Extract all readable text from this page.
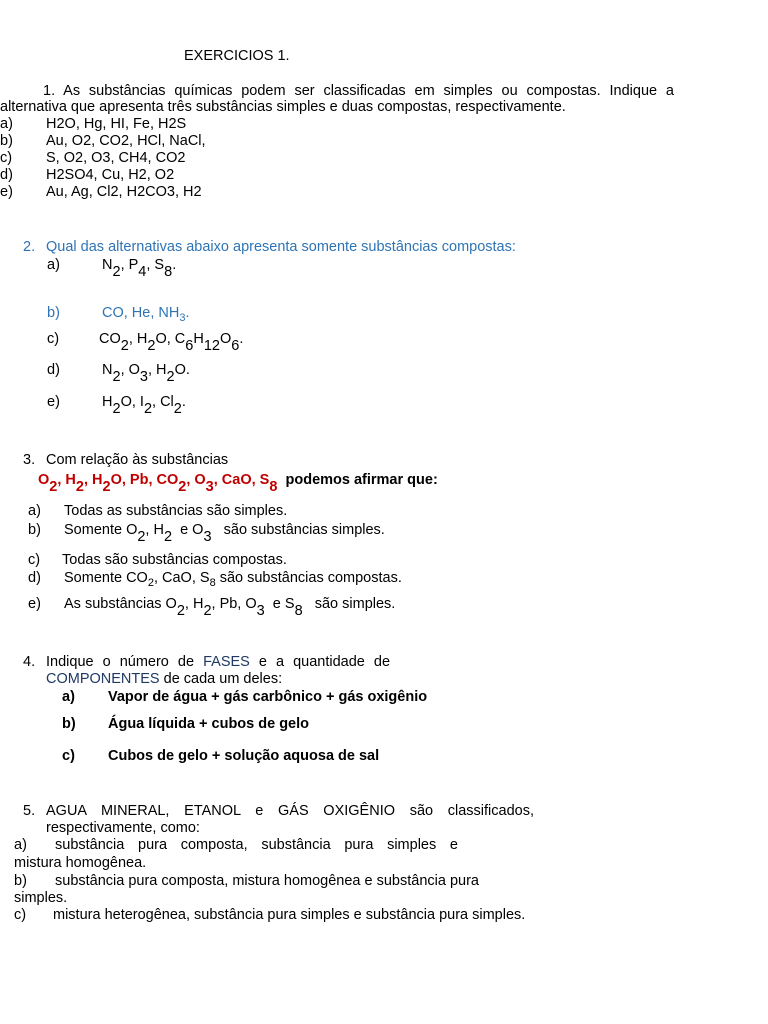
EXERCICIOS 1.
1. As substâncias químicas podem ser classificadas em simples ou compostas. Indique a
alternativa que apresenta três substâncias simples e duas compostas, respectivamente.
a) H2O, Hg, HI, Fe, H2S
b) Au, O2, CO2, HCl, NaCl,
c) S, O2, O3, CH4, CO2
d) H2SO4, Cu, H2, O2
e) Au, Ag, Cl2, H2CO3, H2
2. Qual das alternativas abaixo apresenta somente substâncias compostas:
a)	N2, P4, S8.
b)	CO, He, $NH_3$.
c)	CO2, H2O, C6H12O6.
d)	N2, O3, H2O.
e)	H2O, I2, Cl2.
3. Com relação às substâncias
O2, H2, H2O, Pb, CO2, O3, CaO, S8 podemos afirmar que:
a) Todas as substâncias são simples.
b) Somente O2, H2  e O3 são substâncias simples.
c) Todas são substâncias compostas.
d) Somente $CO_2$, CaO, $S_8$ são substâncias compostas.
e) As substâncias O2, H2, Pb, O3  e S8 são simples.
4. Indique o número de FASES e a quantidade de
COMPONENTES de cada um deles:
a) Vapor de água + gás carbônico + gás oxigênio
b) Água líquida + cubos de gelo
c) Cubos de gelo + solução aquosa de sal
5. AGUA MINERAL, ETANOL e GÁS OXIGÊNIO são classificados,
respectivamente, como:
a) substância pura composta, substância pura simples e
mistura homogênea.
b) substância pura composta, mistura homogênea e substância pura
simples.
c) mistura heterogênea, substância pura simples e substância pura simples.
